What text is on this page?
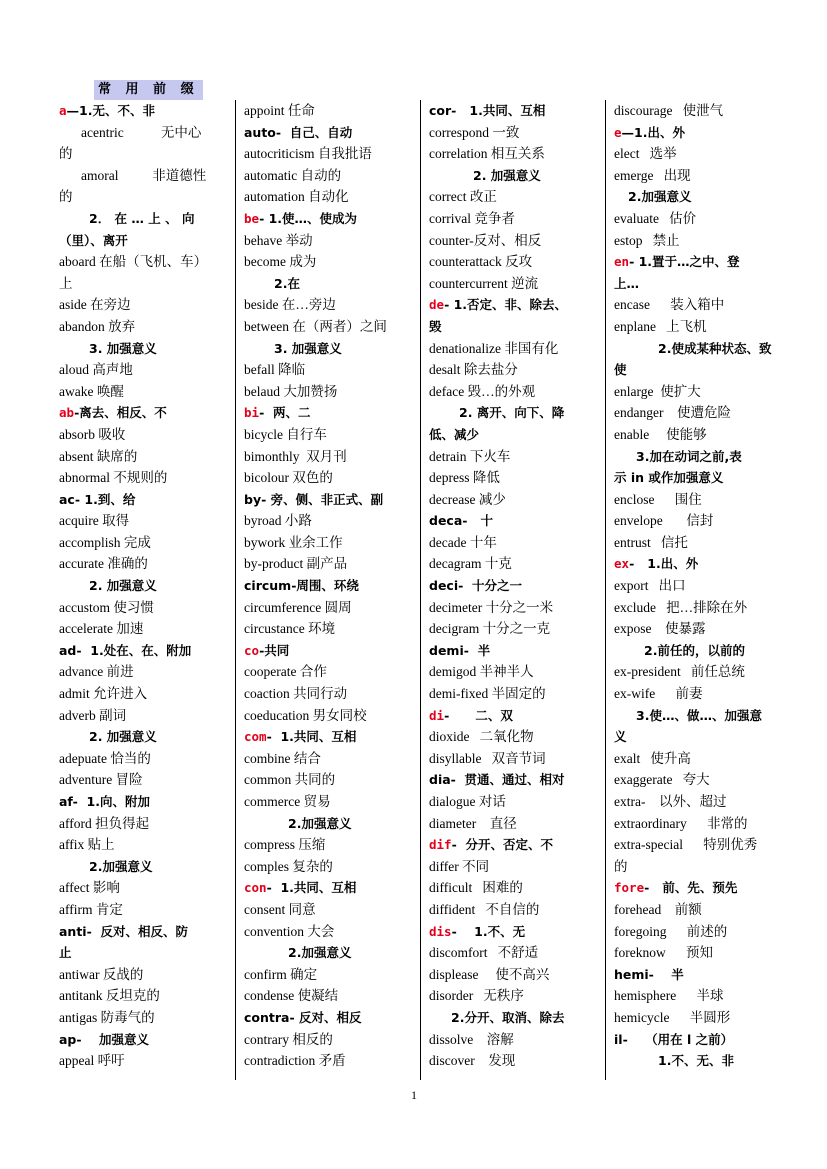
常 用 前 缀
a—1.无、不、非
acentric           无中心
的
amoral          非道德性
的
2． 在 … 上 、 向
（里）、离开
aboard 在船（飞机、车）
上
aside 在旁边
abandon 放弃
3. 加强意义
aloud 高声地
awake 唤醒
ab-离去、相反、不
absorb 吸收
absent 缺席的
abnormal 不规则的
ac- 1.到、给
acquire 取得
accomplish 完成
accurate 准确的
2. 加强意义
accustom 使习惯
accelerate 加速
ad-  1.处在、在、附加
advance 前进
admit 允许进入
adverb 副词
2. 加强意义
adepuate 恰当的
adventure 冒险
af-  1.向、附加
afford 担负得起
affix 贴上
2.加强意义
affect 影响
affirm 肯定
anti-  反对、相反、防
止
antiwar 反战的
antitank 反坦克的
antigas 防毒气的
ap-    加强意义
appeal 呼吁
appoint 任命
auto-  自己、自动
autocriticism 自我批语
automatic 自动的
automation 自动化
be- 1.使…、使成为
behave 举动
become 成为
2.在
beside 在…旁边
between 在（两者）之间
3. 加强意义
befall 降临
belaud 大加赞扬
bi-  两、二
bicycle 自行车
bimonthly  双月刊
bicolour 双色的
by- 旁、侧、非正式、副
byroad 小路
bywork 业余工作
by-product 副产品
circum-周围、环绕
circumference 圆周
circustance 环境
co-共同
cooperate 合作
coaction 共同行动
coeducation 男女同校
com-  1.共同、互相
combine 结合
common 共同的
commerce 贸易
2.加强意义
compress 压缩
comples 复杂的
con-  1.共同、互相
consent 同意
convention 大会
2.加强意义
confirm 确定
condense 使凝结
contra- 反对、相反
contrary 相反的
contradiction 矛盾
cor-   1.共同、互相
correspond 一致
correlation 相互关系
2. 加强意义
correct 改正
corrival 竞争者
counter-反对、相反
counterattack 反攻
countercurrent 逆流
de- 1.否定、非、除去、
毁
denationalize 非国有化
desalt 除去盐分
deface 毁…的外观
2. 离开、向下、降
低、减少
detrain 下火车
depress 降低
decrease 减少
deca-   十
decade 十年
decagram 十克
deci-  十分之一
decimeter 十分之一米
decigram 十分之一克
demi-  半
demigod 半神半人
demi-fixed 半固定的
di-      二、双
dioxide   二氧化物
disyllable   双音节词
dia-  贯通、通过、相对
dialogue 对话
diameter    直径
dif-  分开、否定、不
differ 不同
difficult   困难的
diffident   不自信的
dis-    1.不、无
discomfort   不舒适
displease     使不高兴
disorder   无秩序
2.分开、取消、除去
dissolve    溶解
discover    发现
discourage   使泄气
e—1.出、外
elect   选举
emerge   出现
2.加强意义
evaluate   估价
estop   禁止
en- 1.置于…之中、登
上…
encase      装入箱中
enplane   上飞机
2.使成某种状态、致
使
enlarge  使扩大
endanger    使遭危险
enable     使能够
3.加在动词之前,表
示 in 或作加强意义
enclose      围住
envelope       信封
entrust   信托
ex-   1.出、外
export   出口
exclude   把…排除在外
expose    使暴露
2.前任的，以前的
ex-president   前任总统
ex-wife      前妻
3.使…、做…、加强意
义
exalt   使升高
exaggerate   夸大
extra-    以外、超过
extraordinary      非常的
extra-special      特别优秀
的
fore-   前、先、预先
forehead    前额
foregoing      前述的
foreknow      预知
hemi-    半
hemisphere      半球
hemicycle      半圆形
il-    （用在 l 之前）
1.不、无、非
1
